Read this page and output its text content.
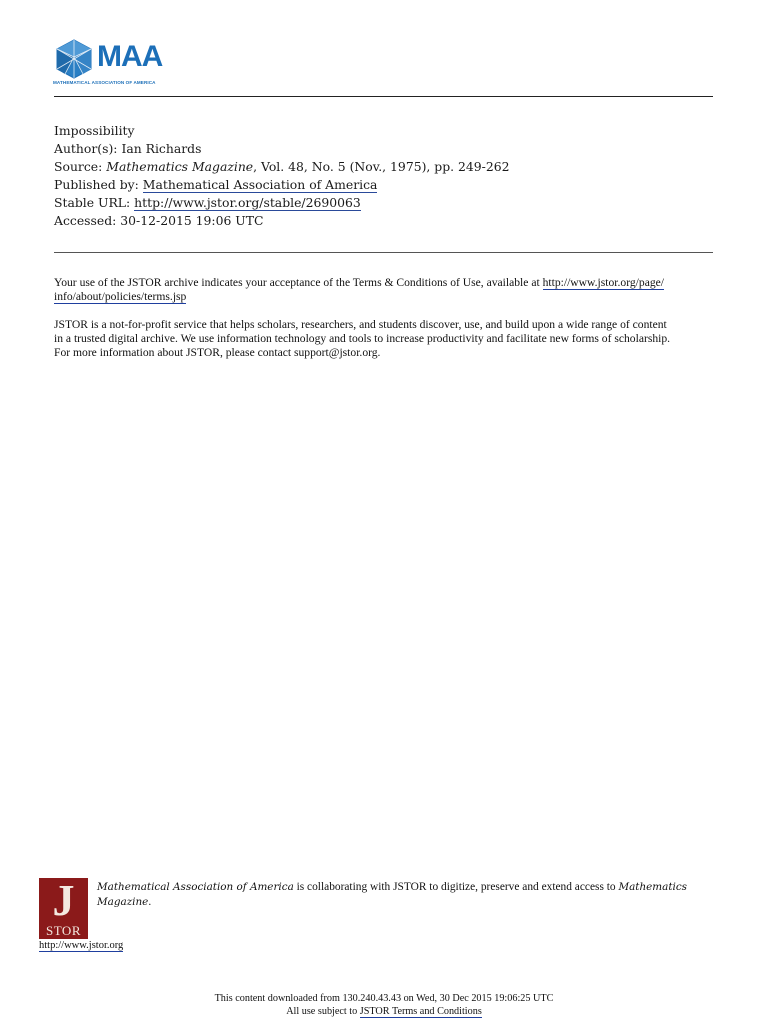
MAA
MATHEMATICAL ASSOCIATION OF AMERICA
Impossibility
Author(s): Ian Richards
Source: Mathematics Magazine, Vol. 48, No. 5 (Nov., 1975), pp. 249-262
Published by: Mathematical Association of America
Stable URL: http://www.jstor.org/stable/2690063
Accessed: 30-12-2015 19:06 UTC
Your use of the JSTOR archive indicates your acceptance of the Terms & Conditions of Use, available at http://www.jstor.org/page/
info/about/policies/terms.jsp
JSTOR is a not-for-profit service that helps scholars, researchers, and students discover, use, and build upon a wide range of content
in a trusted digital archive. We use information technology and tools to increase productivity and facilitate new forms of scholarship.
For more information about JSTOR, please contact support@jstor.org.
J
STOR
http://www.jstor.org
Mathematical Association of America is collaborating with JSTOR to digitize, preserve and extend access to Mathematics
Magazine.
This content downloaded from 130.240.43.43 on Wed, 30 Dec 2015 19:06:25 UTC
All use subject to JSTOR Terms and Conditions
